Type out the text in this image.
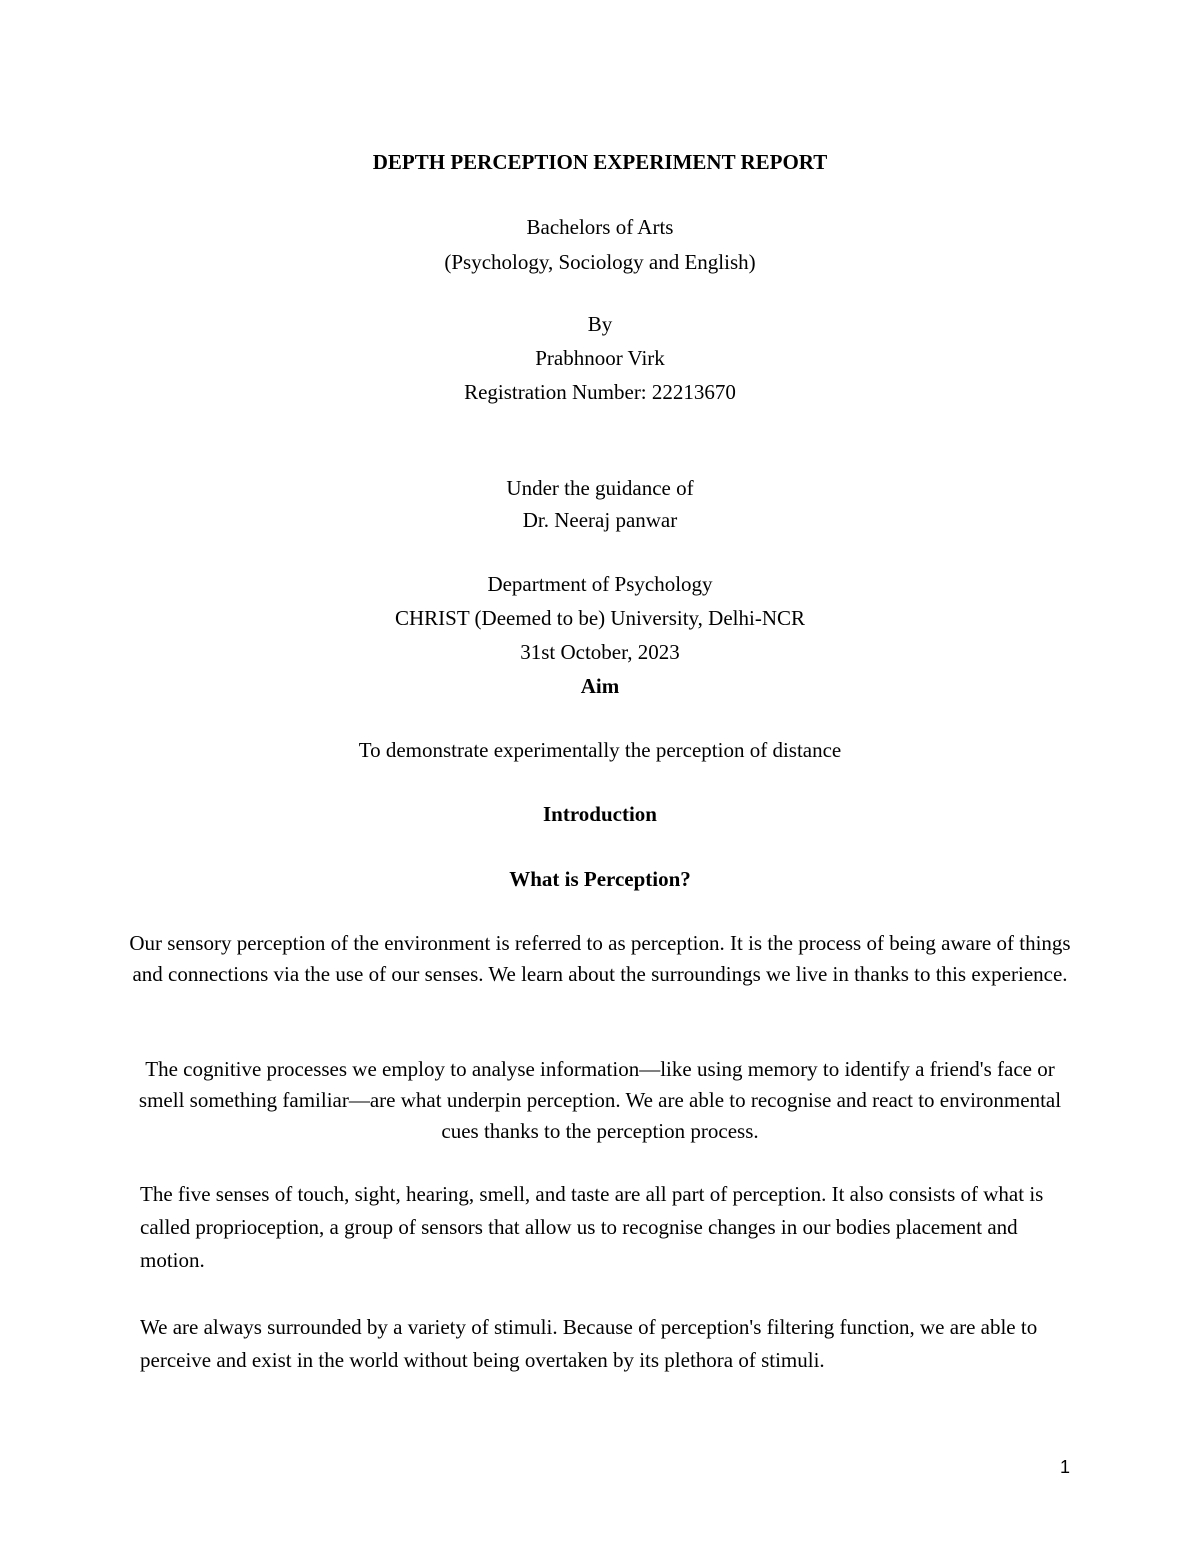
DEPTH PERCEPTION EXPERIMENT REPORT
Bachelors of Arts
(Psychology, Sociology and English)
By
Prabhnoor Virk
Registration Number: 22213670
Under the guidance of
Dr. Neeraj panwar
Department of Psychology
CHRIST (Deemed to be) University, Delhi-NCR
31st October, 2023
Aim
To demonstrate experimentally the perception of distance
Introduction
What is Perception?
Our sensory perception of the environment is referred to as perception. It is the process of being aware of things and connections via the use of our senses. We learn about the surroundings we live in thanks to this experience.
The cognitive processes we employ to analyse information—like using memory to identify a friend's face or smell something familiar—are what underpin perception. We are able to recognise and react to environmental cues thanks to the perception process.
The five senses of touch, sight, hearing, smell, and taste are all part of perception. It also consists of what is called proprioception, a group of sensors that allow us to recognise changes in our bodies placement and motion.
We are always surrounded by a variety of stimuli. Because of perception's filtering function, we are able to perceive and exist in the world without being overtaken by its plethora of stimuli.
1
